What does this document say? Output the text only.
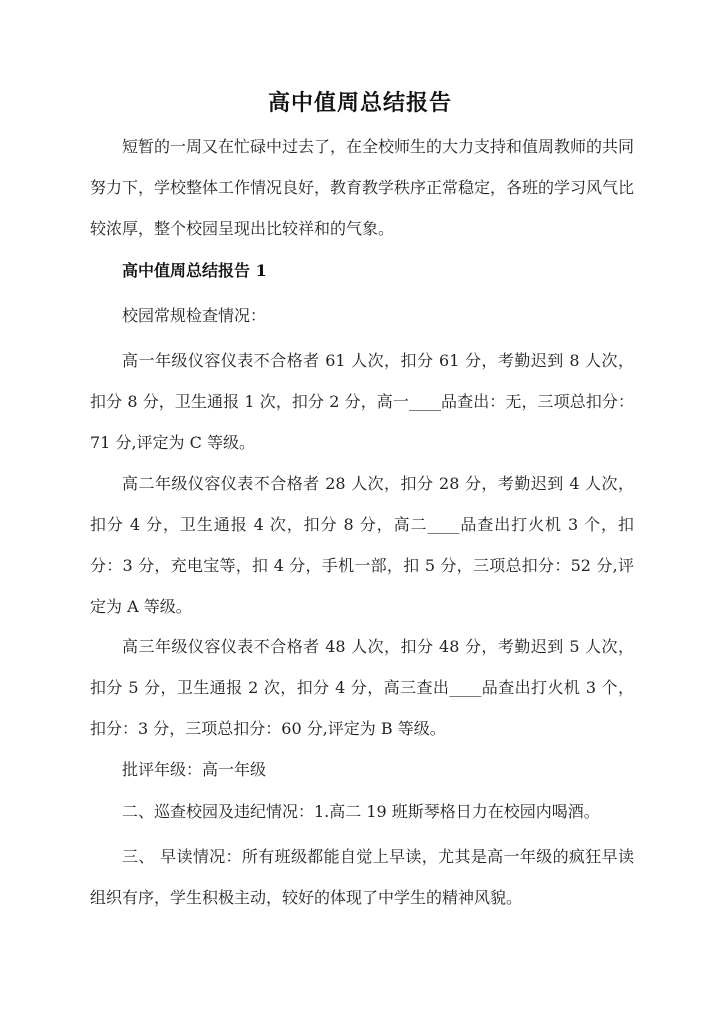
高中值周总结报告

短暂的一周又在忙碌中过去了，在全校师生的大力支持和值周教师的共同努力下，学校整体工作情况良好，教育教学秩序正常稳定，各班的学习风气比较浓厚，整个校园呈现出比较祥和的气象。

高中值周总结报告 1

校园常规检查情况：

高一年级仪容仪表不合格者 61 人次，扣分 61 分，考勤迟到 8 人次，扣分 8 分，卫生通报 1 次，扣分 2 分，高一____品查出：无，三项总扣分：71 分,评定为 C 等级。

高二年级仪容仪表不合格者 28 人次，扣分 28 分，考勤迟到 4 人次，扣分 4 分，卫生通报 4 次，扣分 8 分，高二____品查出打火机 3 个，扣分：3 分，充电宝等，扣 4 分，手机一部，扣 5 分，三项总扣分：52 分,评定为 A 等级。

高三年级仪容仪表不合格者 48 人次，扣分 48 分，考勤迟到 5 人次，扣分 5 分，卫生通报 2 次，扣分 4 分，高三查出____品查出打火机 3 个，扣分：3 分，三项总扣分：60 分,评定为 B 等级。

批评年级：高一年级

二、巡查校园及违纪情况：1.高二 19 班斯琴格日力在校园内喝酒。

三、 早读情况：所有班级都能自觉上早读，尤其是高一年级的疯狂早读组织有序，学生积极主动，较好的体现了中学生的精神风貌。
